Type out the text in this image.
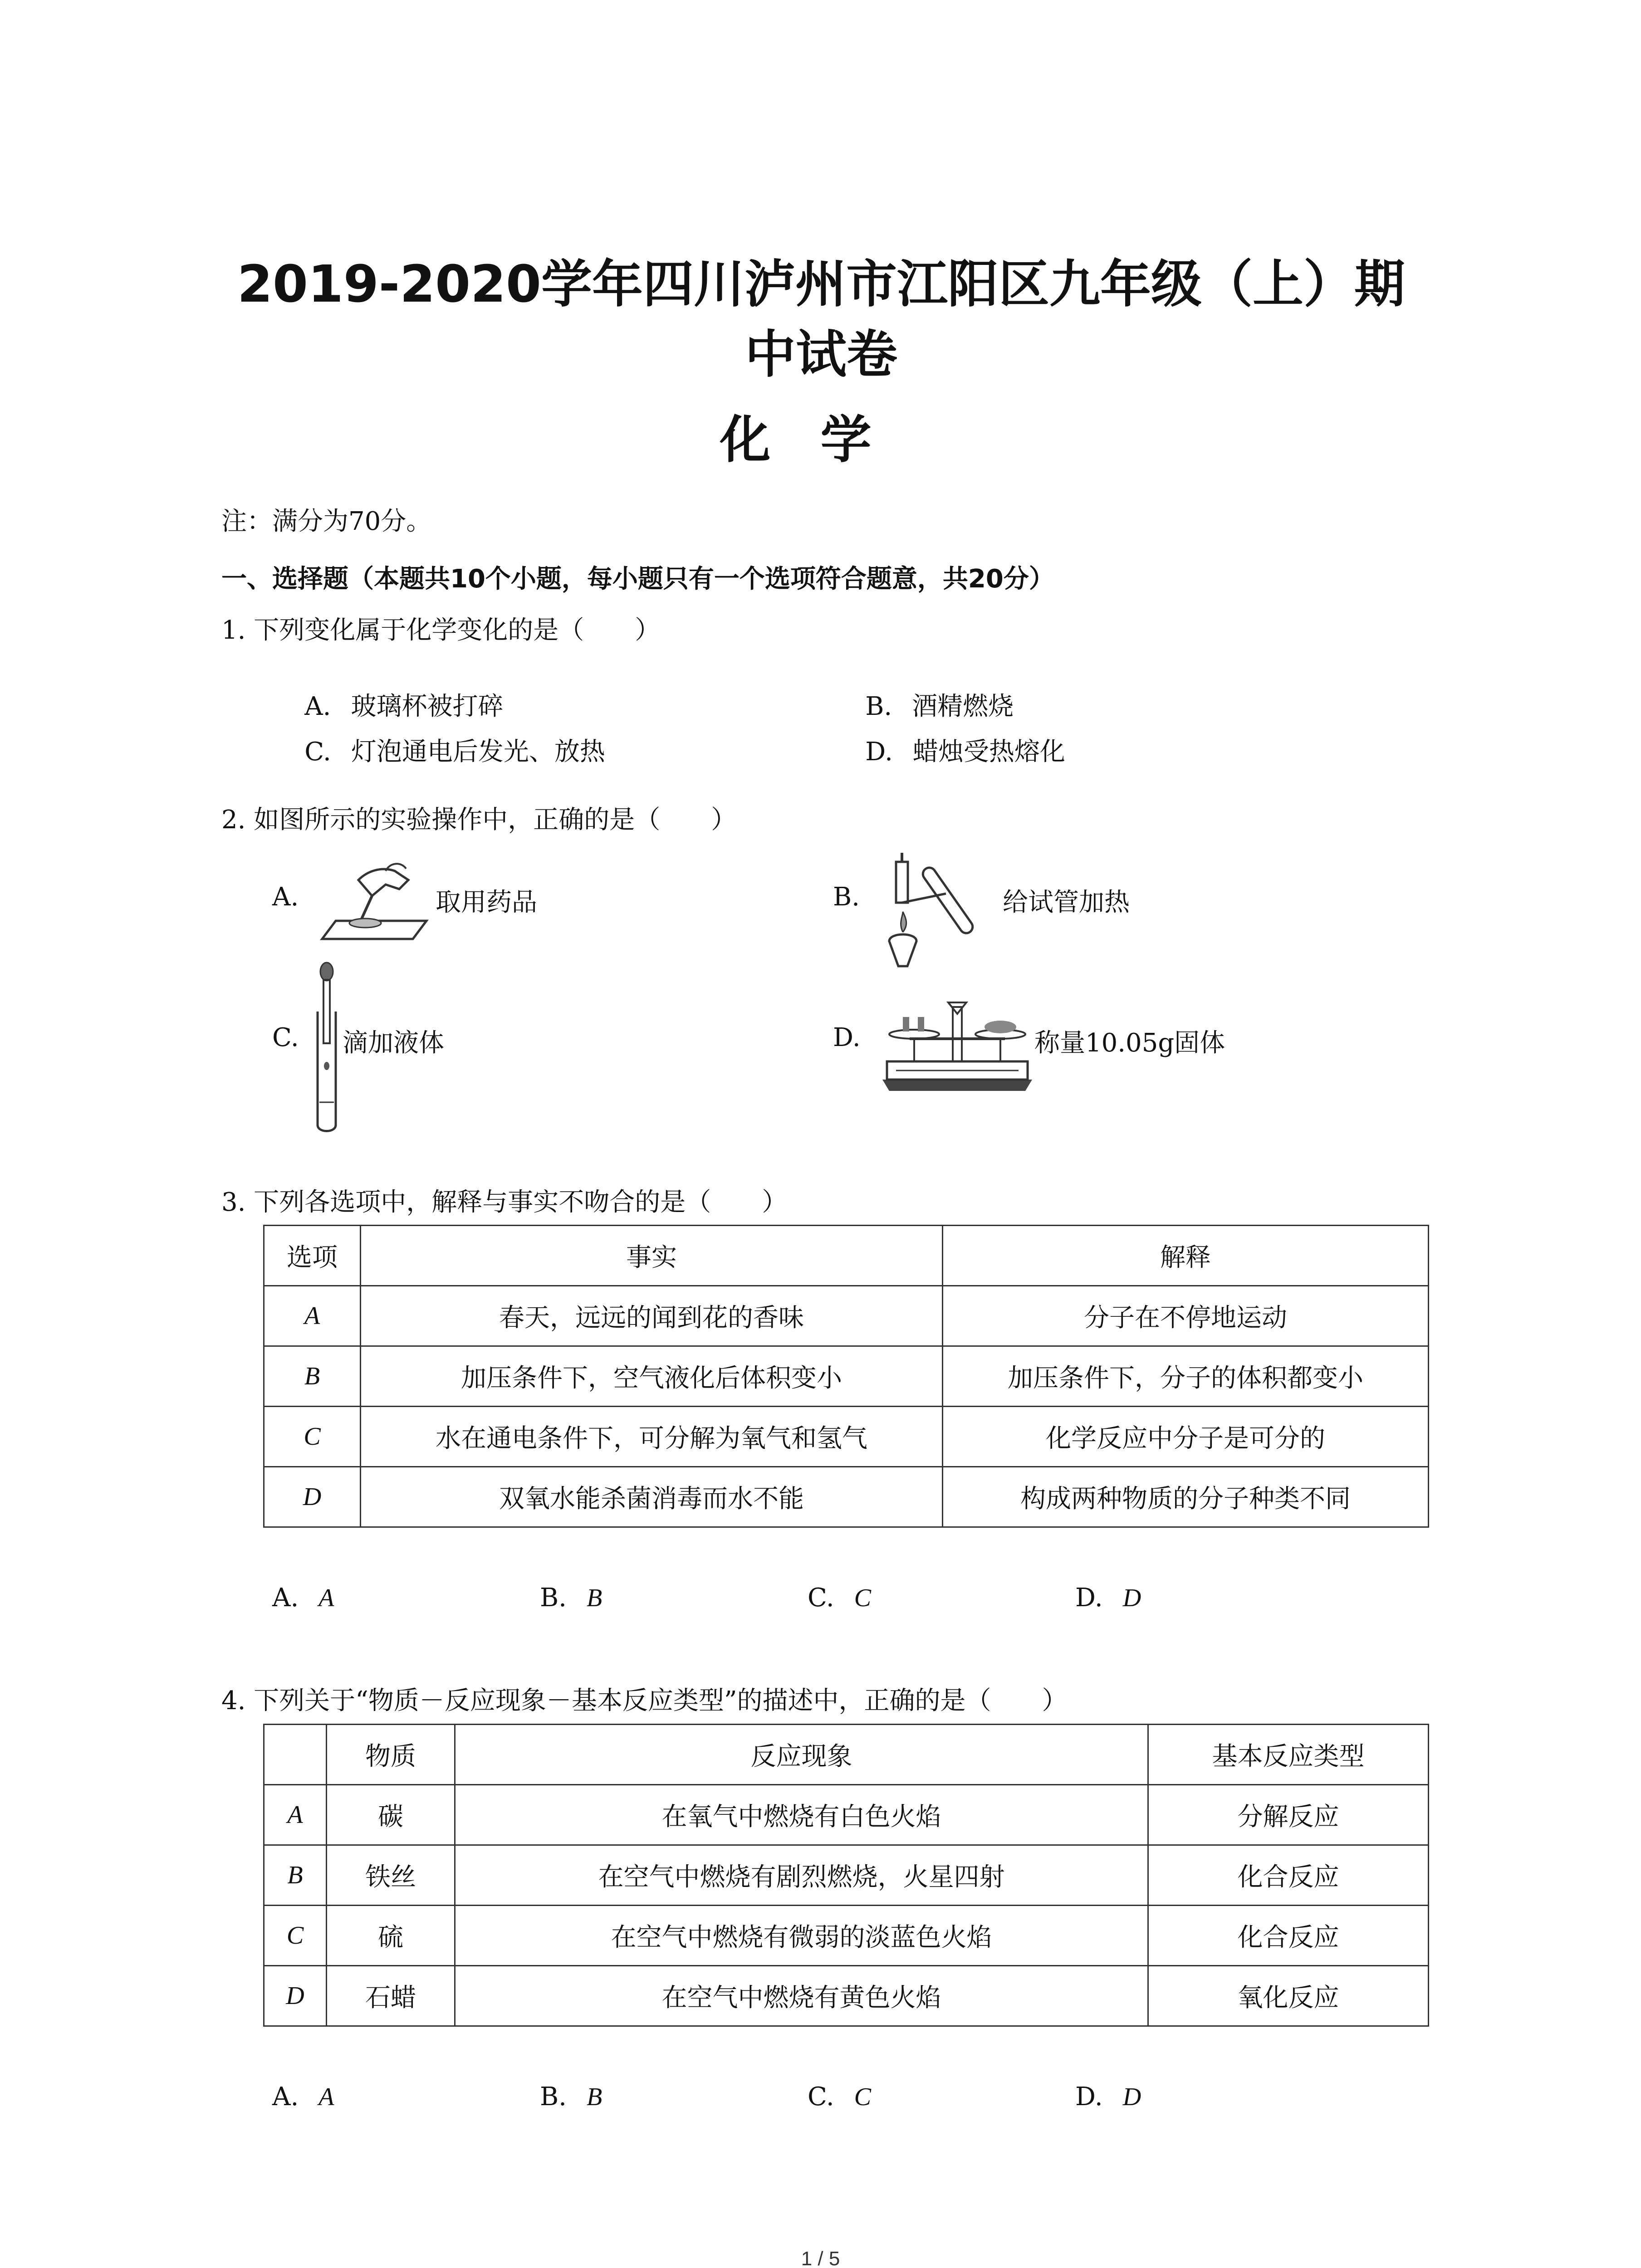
2019-2020学年四川泸州市江阳区九年级（上）期中试卷
化学
注：满分为70分。
一、选择题（本题共10个小题，每小题只有一个选项符合题意，共20分）
1. 下列变化属于化学变化的是（　　）

A. 玻璃杯被打碎
	B. 酒精燃烧

C. 灯泡通电后发光、放热
	D. 蜡烛受热熔化

2. 如图所示的实验操作中，正确的是（　　）
A.	取用药品	B.	给试管加热
C. 滴加液体	D.	称量10.05g固体
3. 下列各选项中，解释与事实不吻合的是（　　）
选项	事实	解释
A	春天，远远的闻到花的香味	分子在不停地运动
B	加压条件下，空气液化后体积变小	加压条件下，分子的体积都变小
C	水在通电条件下，可分解为氧气和氢气	化学反应中分子是可分的
D	双氧水能杀菌消毒而水不能	构成两种物质的分子种类不同
A. A	B. B	C. C	D. D
4. 下列关于“物质－反应现象－基本反应类型”的描述中，正确的是（　　）
	物质	反应现象	基本反应类型
A	碳	在氧气中燃烧有白色火焰	分解反应
B	铁丝	在空气中燃烧有剧烈燃烧，火星四射	化合反应
C	硫	在空气中燃烧有微弱的淡蓝色火焰	化合反应
D	石蜡	在空气中燃烧有黄色火焰	氧化反应
A. A	B. B	C. C	D. D
1 / 5
